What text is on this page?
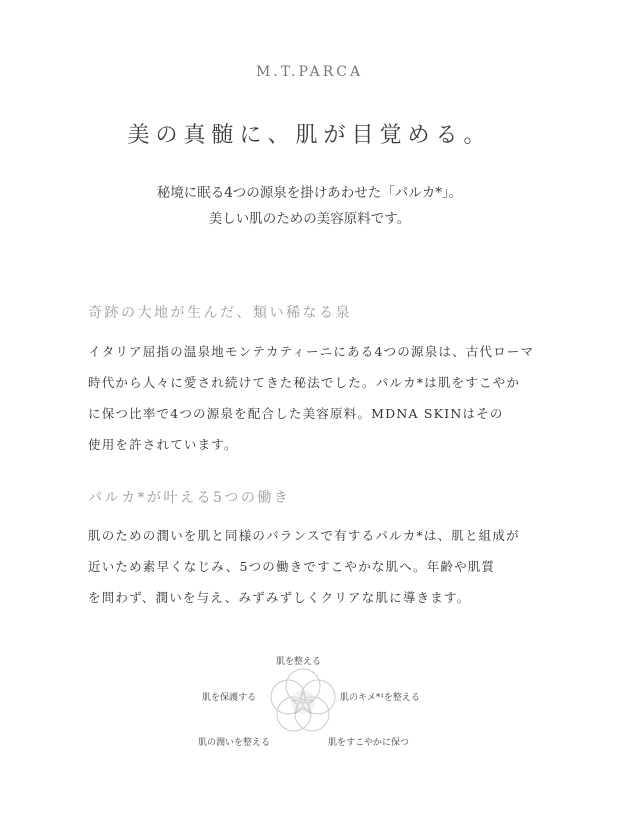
M.T.PARCA
美の真髄に、肌が目覚める。
秘境に眠る4つの源泉を掛けあわせた「パルカ*」。
美しい肌のための美容原料です。
奇跡の大地が生んだ、類い稀なる泉
イタリア屈指の温泉地モンテカティーニにある4つの源泉は、古代ローマ
時代から人々に愛され続けてきた秘法でした。パルカ*は肌をすこやか
に保つ比率で4つの源泉を配合した美容原料。MDNA SKINはその
使用を許されています。
パルカ*が叶える5つの働き
肌のための潤いを肌と同様のバランスで有するパルカ*は、肌と組成が
近いため素早くなじみ、5つの働きですこやかな肌へ。年齢や肌質
を問わず、潤いを与え、みずみずしくクリアな肌に導きます。
肌を整える
肌を保護する	肌のキメ*¹を整える
肌の潤いを整える	肌をすこやかに保つ
